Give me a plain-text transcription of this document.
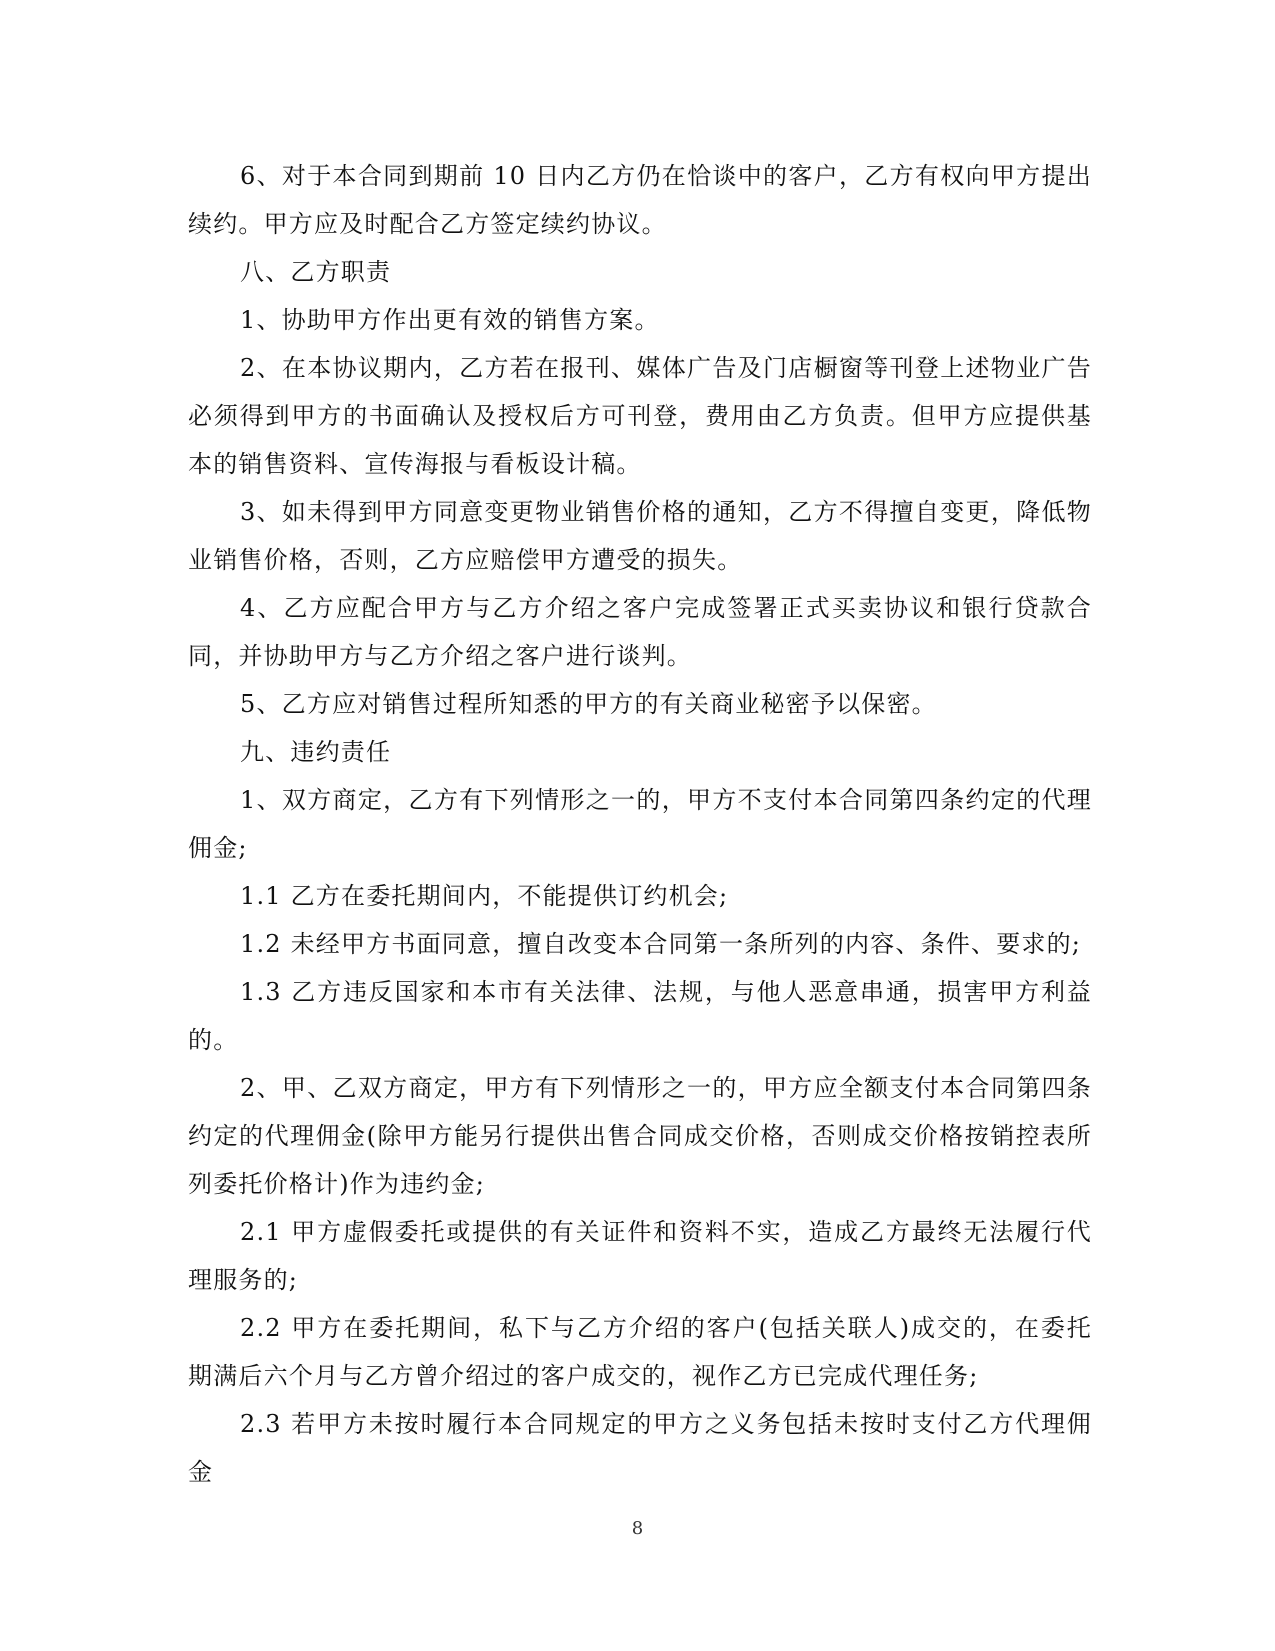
6、对于本合同到期前 10 日内乙方仍在恰谈中的客户，乙方有权向甲方提出续约。甲方应及时配合乙方签定续约协议。

八、乙方职责

1、协助甲方作出更有效的销售方案。

2、在本协议期内，乙方若在报刊、媒体广告及门店橱窗等刊登上述物业广告必须得到甲方的书面确认及授权后方可刊登，费用由乙方负责。但甲方应提供基本的销售资料、宣传海报与看板设计稿。

3、如未得到甲方同意变更物业销售价格的通知，乙方不得擅自变更，降低物业销售价格，否则，乙方应赔偿甲方遭受的损失。

4、乙方应配合甲方与乙方介绍之客户完成签署正式买卖协议和银行贷款合同，并协助甲方与乙方介绍之客户进行谈判。

5、乙方应对销售过程所知悉的甲方的有关商业秘密予以保密。

九、违约责任

1、双方商定，乙方有下列情形之一的，甲方不支付本合同第四条约定的代理佣金;

1.1 乙方在委托期间内，不能提供订约机会;

1.2 未经甲方书面同意，擅自改变本合同第一条所列的内容、条件、要求的;

1.3 乙方违反国家和本市有关法律、法规，与他人恶意串通，损害甲方利益的。

2、甲、乙双方商定，甲方有下列情形之一的，甲方应全额支付本合同第四条约定的代理佣金(除甲方能另行提供出售合同成交价格，否则成交价格按销控表所列委托价格计)作为违约金;

2.1 甲方虚假委托或提供的有关证件和资料不实，造成乙方最终无法履行代理服务的;

2.2 甲方在委托期间，私下与乙方介绍的客户(包括关联人)成交的，在委托期满后六个月与乙方曾介绍过的客户成交的，视作乙方已完成代理任务;

2.3 若甲方未按时履行本合同规定的甲方之义务包括未按时支付乙方代理佣金

8
